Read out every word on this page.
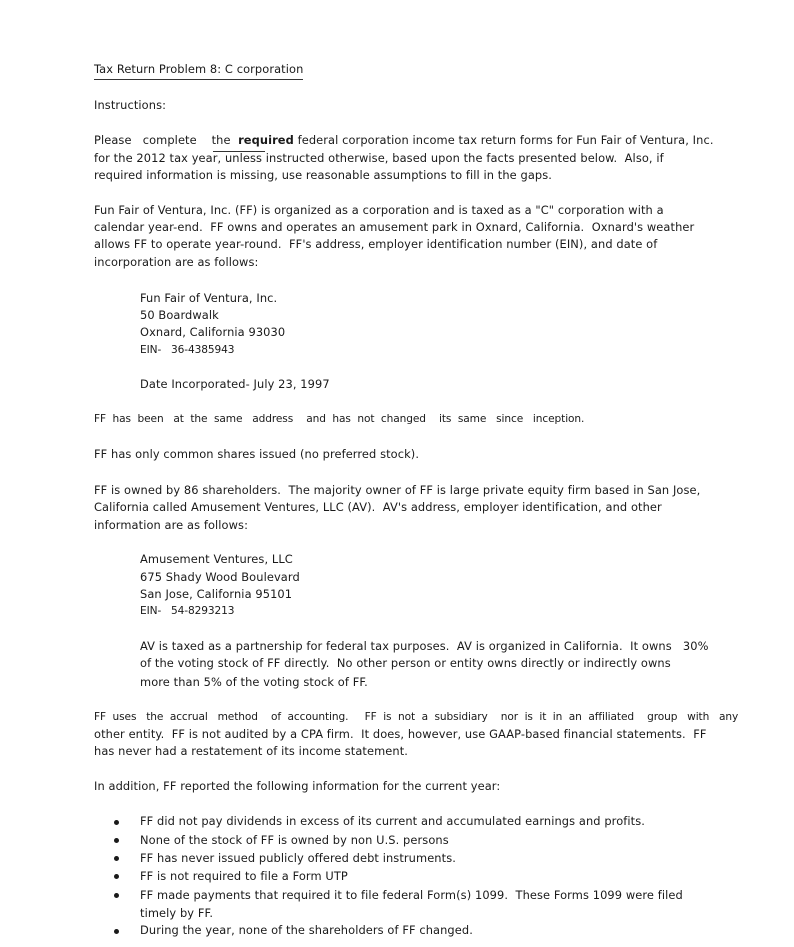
Tax Return Problem 8: C corporation
Instructions:
Please   complete    the  required federal corporation income tax return forms for Fun Fair of Ventura, Inc.
for the 2012 tax year, unless instructed otherwise, based upon the facts presented below.  Also, if
required information is missing, use reasonable assumptions to fill in the gaps.
Fun Fair of Ventura, Inc. (FF) is organized as a corporation and is taxed as a "C" corporation with a
calendar year-end.  FF owns and operates an amusement park in Oxnard, California.  Oxnard's weather
allows FF to operate year-round.  FF's address, employer identification number (EIN), and date of
incorporation are as follows:
Fun Fair of Ventura, Inc.
50 Boardwalk
Oxnard, California 93030
EIN-   36-4385943
Date Incorporated- July 23, 1997
FF  has  been   at  the  same   address    and  has  not  changed    its  same   since   inception.
FF has only common shares issued (no preferred stock).
FF is owned by 86 shareholders.  The majority owner of FF is large private equity firm based in San Jose,
California called Amusement Ventures, LLC (AV).  AV's address, employer identification, and other
information are as follows:
Amusement Ventures, LLC
675 Shady Wood Boulevard
San Jose, California 95101
EIN-   54-8293213
AV is taxed as a partnership for federal tax purposes.  AV is organized in California.  It owns   30%
of the voting stock of FF directly.  No other person or entity owns directly or indirectly owns
more than 5% of the voting stock of FF.
FF  uses   the  accrual   method    of  accounting.     FF  is  not  a  subsidiary    nor  is  it  in  an  affiliated    group   with   any
other entity.  FF is not audited by a CPA firm.  It does, however, use GAAP-based financial statements.  FF
has never had a restatement of its income statement.
In addition, FF reported the following information for the current year:
FF did not pay dividends in excess of its current and accumulated earnings and profits.
None of the stock of FF is owned by non U.S. persons
FF has never issued publicly offered debt instruments.
FF is not required to file a Form UTP
FF made payments that required it to file federal Form(s) 1099.  These Forms 1099 were filed
timely by FF.
During the year, none of the shareholders of FF changed.
